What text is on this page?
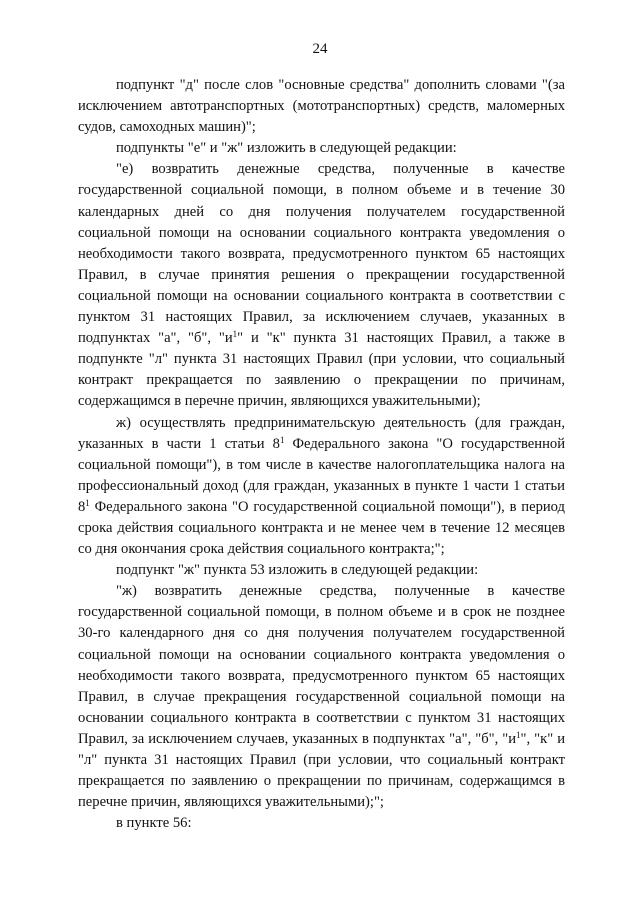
24

подпункт "д" после слов "основные средства" дополнить словами "(за исключением автотранспортных (мототранспортных) средств, маломерных судов, самоходных машин)";

подпункты "е" и "ж" изложить в следующей редакции:

"е) возвратить денежные средства, полученные в качестве государственной социальной помощи, в полном объеме и в течение 30 календарных дней со дня получения получателем государственной социальной помощи на основании социального контракта уведомления о необходимости такого возврата, предусмотренного пунктом 65 настоящих Правил, в случае принятия решения о прекращении государственной социальной помощи на основании социального контракта в соответствии с пунктом 31 настоящих Правил, за исключением случаев, указанных в подпунктах "а", "б", "$и^1$" и "к" пункта 31 настоящих Правил, а также в подпункте "л" пункта 31 настоящих Правил (при условии, что социальный контракт прекращается по заявлению о прекращении по причинам, содержащимся в перечне причин, являющихся уважительными);

ж) осуществлять предпринимательскую деятельность (для граждан, указанных в части 1 статьи $8^1$ Федерального закона "О государственной социальной помощи"), в том числе в качестве налогоплательщика налога на профессиональный доход (для граждан, указанных в пункте 1 части 1 статьи $8^1$ Федерального закона "О государственной социальной помощи"), в период срока действия социального контракта и не менее чем в течение 12 месяцев со дня окончания срока действия социального контракта;";

подпункт "ж" пункта 53 изложить в следующей редакции:

"ж) возвратить денежные средства, полученные в качестве государственной социальной помощи, в полном объеме и в срок не позднее 30-го календарного дня со дня получения получателем государственной социальной помощи на основании социального контракта уведомления о необходимости такого возврата, предусмотренного пунктом 65 настоящих Правил, в случае прекращения государственной социальной помощи на основании социального контракта в соответствии с пунктом 31 настоящих Правил, за исключением случаев, указанных в подпунктах "а", "б", "$и^1$", "к" и "л" пункта 31 настоящих Правил (при условии, что социальный контракт прекращается по заявлению о прекращении по причинам, содержащимся в перечне причин, являющихся уважительными);";

в пункте 56:
